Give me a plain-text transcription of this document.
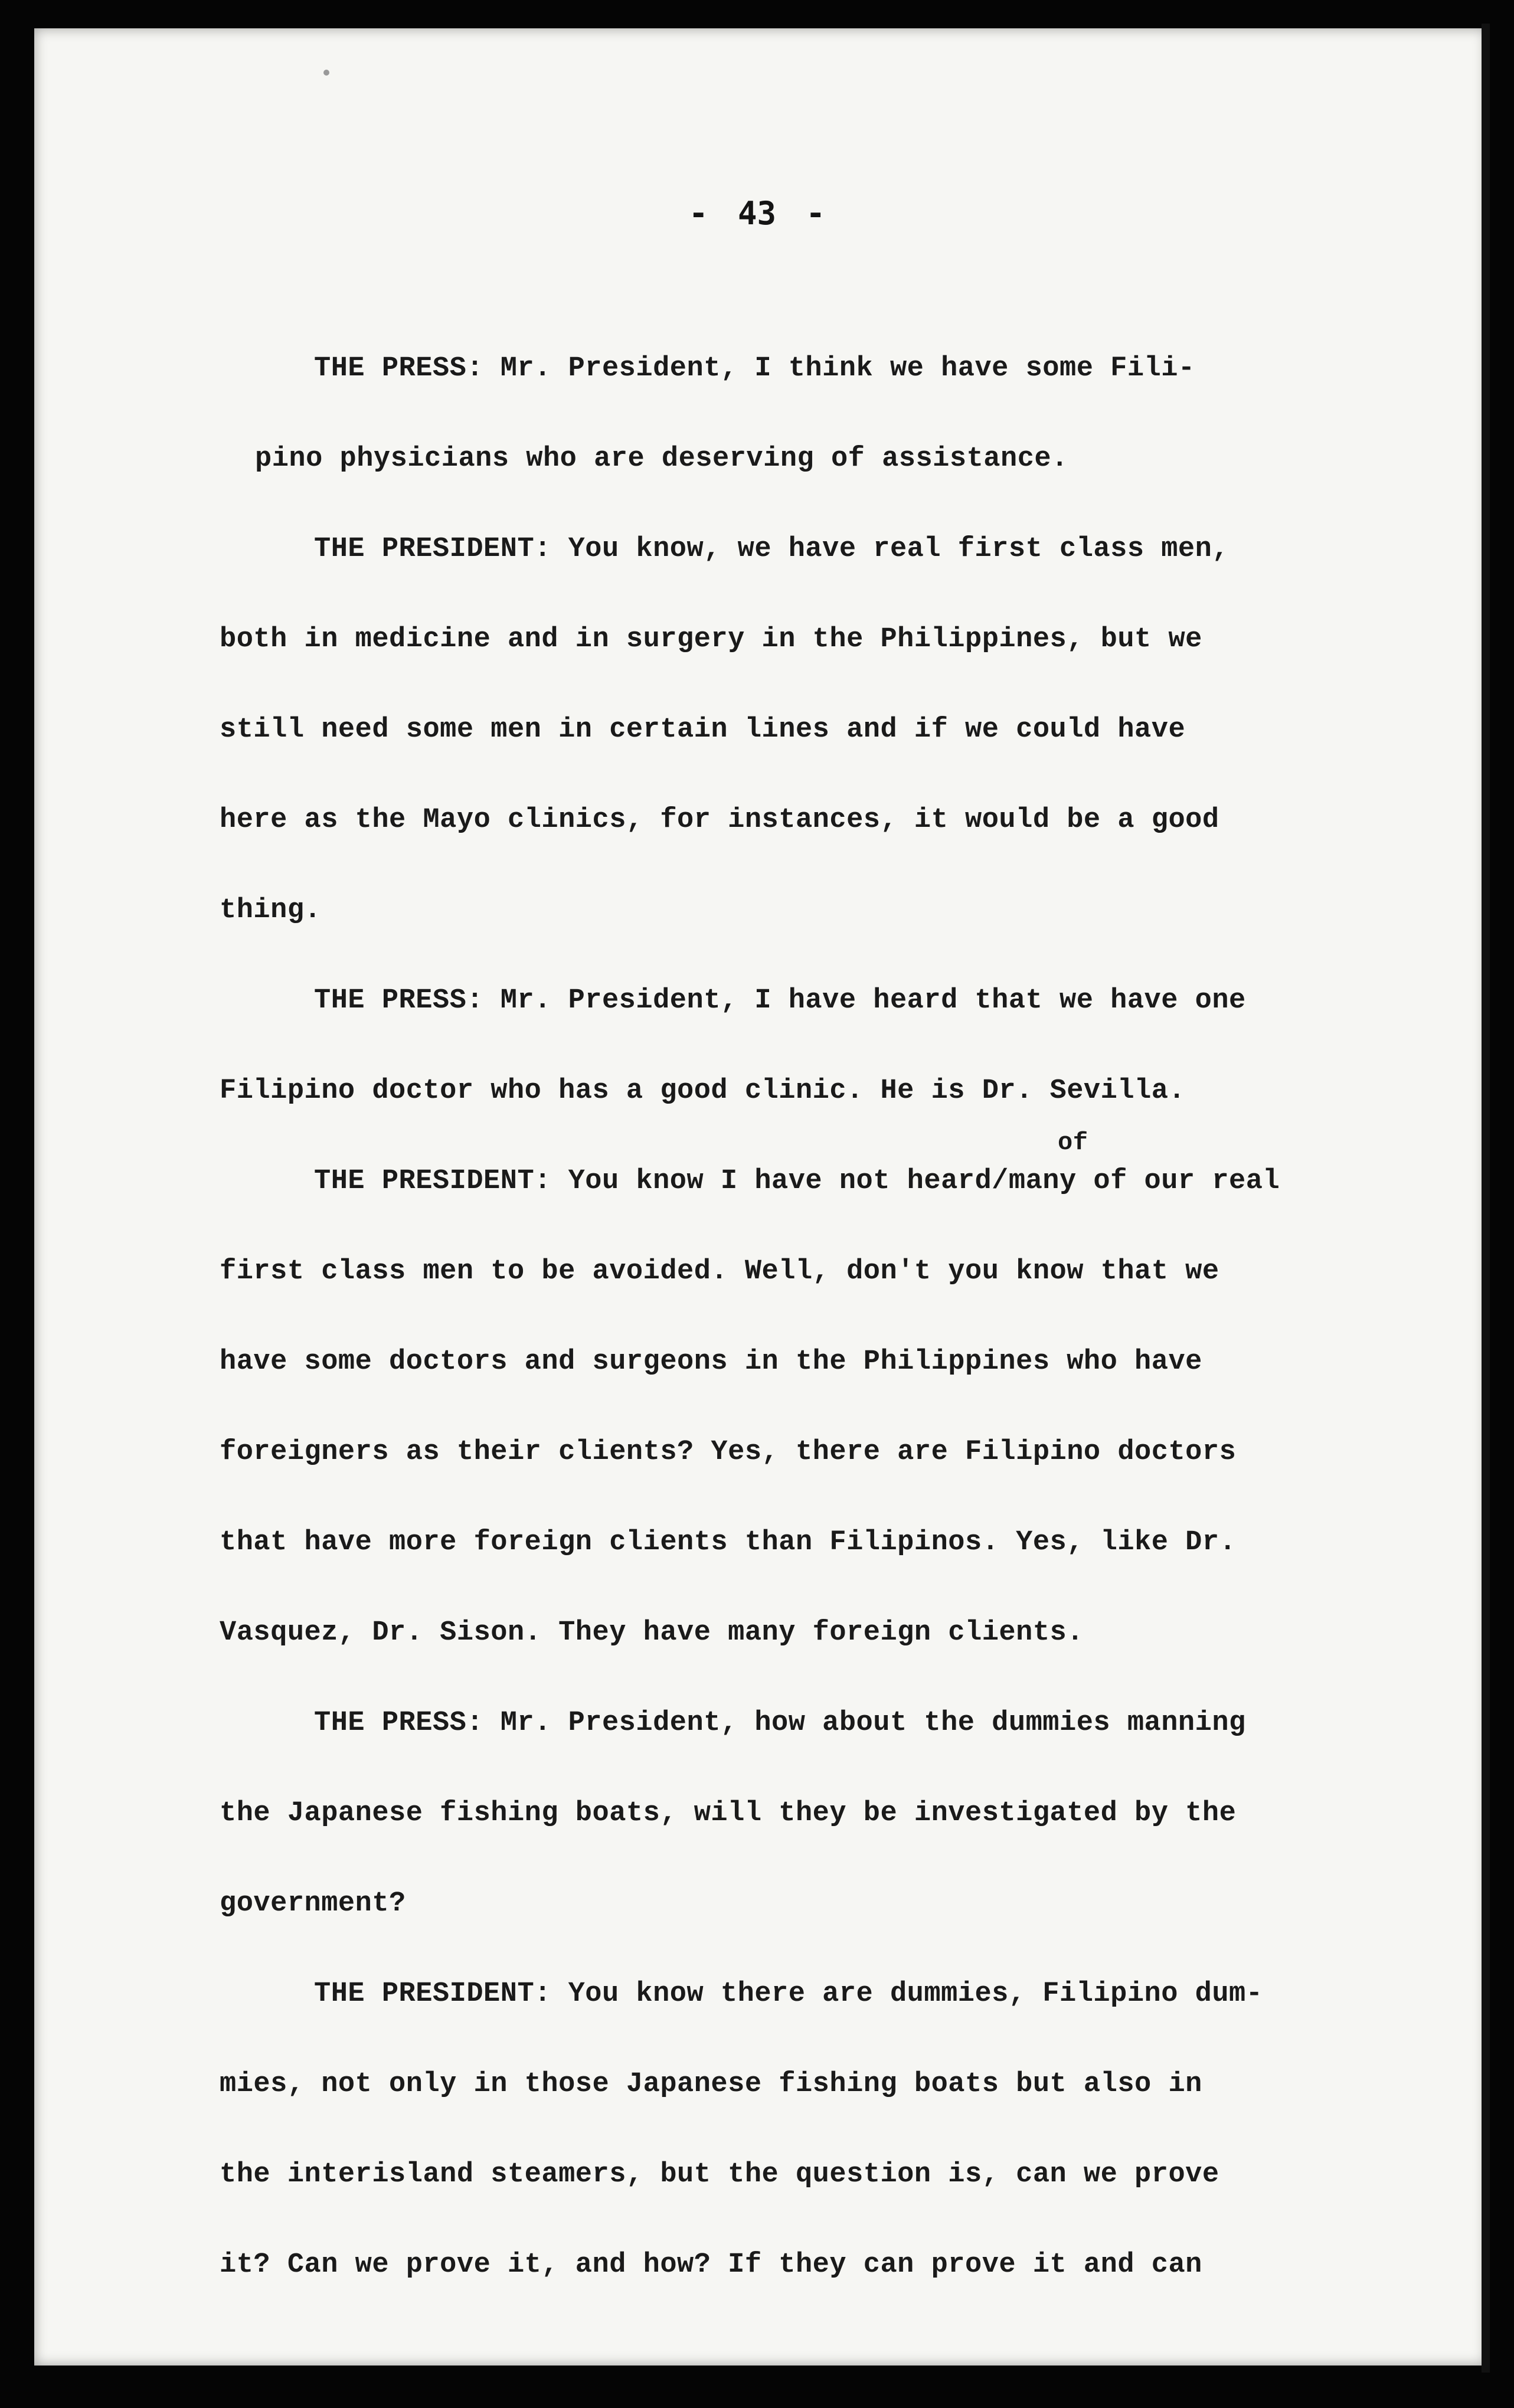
- 43 -
THE PRESS: Mr. President, I think we have some Fili-
pino physicians who are deserving of assistance.
THE PRESIDENT: You know, we have real first class men,
both in medicine and in surgery in the Philippines, but we
still need some men in certain lines and if we could have
here as the Mayo clinics, for instances, it would be a good
thing.
THE PRESS: Mr. President, I have heard that we have one
Filipino doctor who has a good clinic. He is Dr. Sevilla.
THE PRESIDENT: You know I have not heard/many of our real
of
first class men to be avoided. Well, don't you know that we
have some doctors and surgeons in the Philippines who have
foreigners as their clients? Yes, there are Filipino doctors
that have more foreign clients than Filipinos. Yes, like Dr.
Vasquez, Dr. Sison. They have many foreign clients.
THE PRESS: Mr. President, how about the dummies manning
the Japanese fishing boats, will they be investigated by the
government?
THE PRESIDENT: You know there are dummies, Filipino dum-
mies, not only in those Japanese fishing boats but also in
the interisland steamers, but the question is, can we prove
it? Can we prove it, and how? If they can prove it and can
